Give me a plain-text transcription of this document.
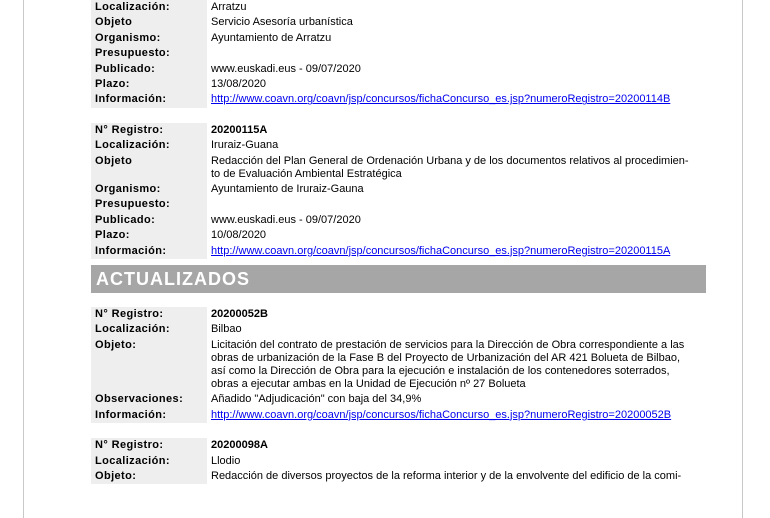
Localización:	Arratzu
Objeto	Servicio Asesoría urbanística
Organismo:	Ayuntamiento de Arratzu
Presupuesto:

Publicado:	www.euskadi.eus - 09/07/2020
Plazo:	13/08/2020
Información:	http://www.coavn.org/coavn/jsp/concursos/fichaConcurso_es.jsp?numeroRegistro=20200114B
N° Registro:	20200115A
Localización:	Iruraiz-Guana
Objeto	Redacción del Plan General de Ordenación Urbana y de los documentos relativos al procedimien-to de Evaluación Ambiental Estratégica
Organismo:	Ayuntamiento de Iruraiz-Gauna
Presupuesto:

Publicado:	www.euskadi.eus - 09/07/2020
Plazo:	10/08/2020
Información:	http://www.coavn.org/coavn/jsp/concursos/fichaConcurso_es.jsp?numeroRegistro=20200115A
ACTUALIZADOS
N° Registro:	20200052B
Localización:	Bilbao
Objeto:	Licitación del contrato de prestación de servicios para la Dirección de Obra correspondiente a las obras de urbanización de la Fase B del Proyecto de Urbanización del AR 421 Bolueta de Bilbao, así como la Dirección de Obra para la ejecución e instalación de los contenedores soterrados, obras a ejecutar ambas en la Unidad de Ejecución nº 27 Bolueta
Observaciones:	Añadido "Adjudicación" con baja del 34,9%
Información:	http://www.coavn.org/coavn/jsp/concursos/fichaConcurso_es.jsp?numeroRegistro=20200052B
N° Registro:	20200098A
Localización:	Llodio
Objeto:	Redacción de diversos proyectos de la reforma interior y de la envolvente del edificio de la comi-
